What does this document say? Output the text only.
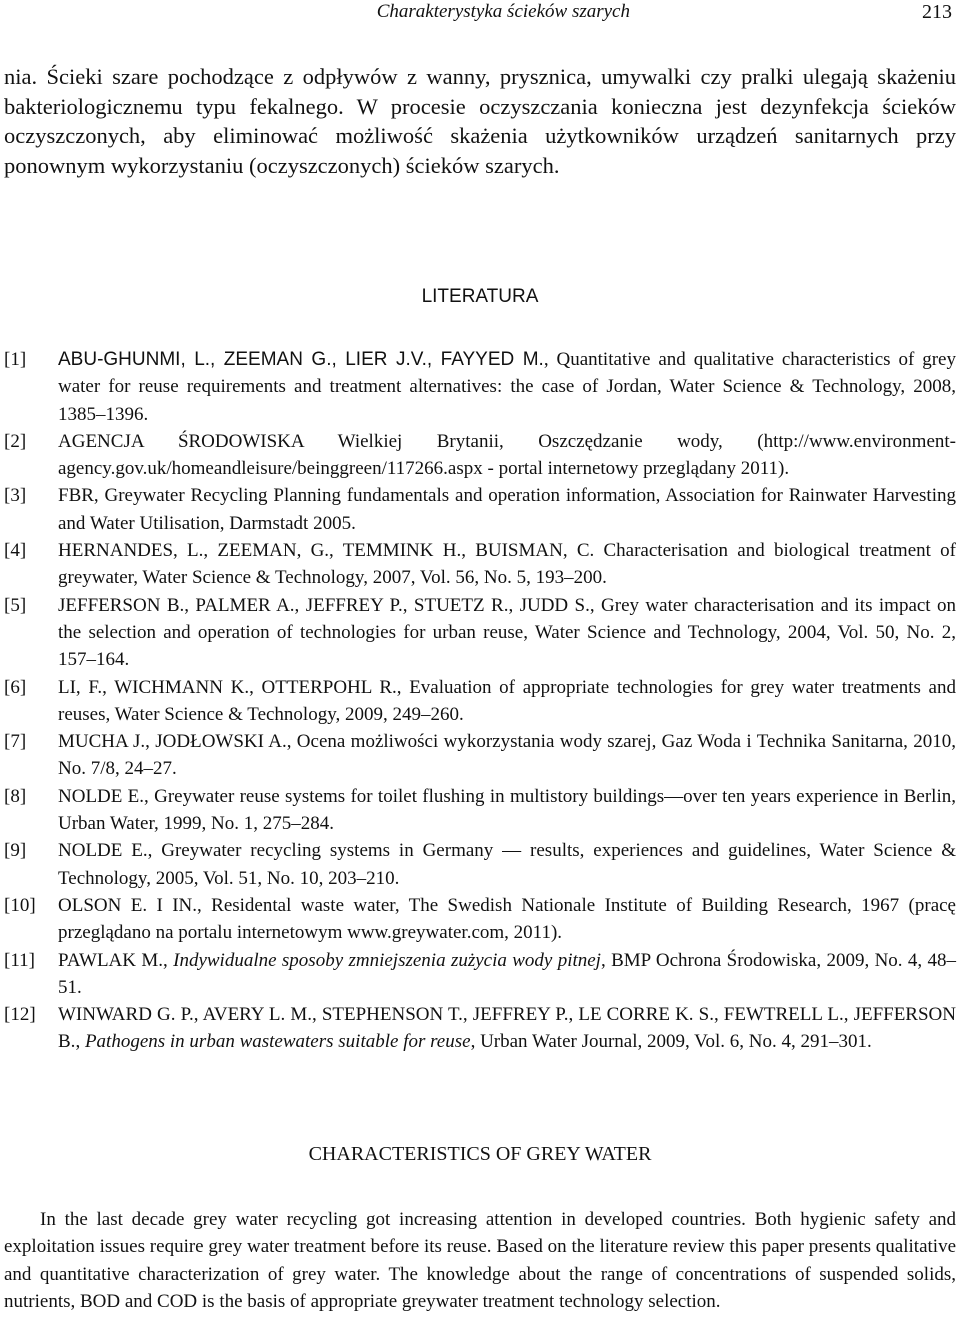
Charakterystyka ścieków szarych	213

nia. Ścieki szare pochodzące z odpływów z wanny, prysznica, umywalki czy pralki ulegają skażeniu bakteriologicznemu typu fekalnego. W procesie oczyszczania konieczna jest dezynfekcja ścieków oczyszczonych, aby eliminować możliwość skażenia użytkowników urządzeń sanitarnych przy ponownym wykorzystaniu (oczyszczonych) ścieków szarych.

LITERATURA
[1]	ABU-GHUNMI, L., ZEEMAN G., LIER J.V., FAYYED M., Quantitative and qualitative characteristics of grey water for reuse requirements and treatment alternatives: the case of Jordan, Water Science & Technology, 2008, 1385–1396.
[2]	AGENCJA ŚRODOWISKA Wielkiej Brytanii, Oszczędzanie wody, (http://www.environment-agency.gov.uk/homeandleisure/beinggreen/117266.aspx - portal internetowy przeglądany 2011).
[3]	FBR, Greywater Recycling Planning fundamentals and operation information, Association for Rainwater Harvesting and Water Utilisation, Darmstadt 2005.
[4]	HERNANDES, L., ZEEMAN, G., TEMMINK H., BUISMAN, C. Characterisation and biological treatment of greywater, Water Science & Technology, 2007, Vol. 56, No. 5, 193–200.
[5]	JEFFERSON B., PALMER A., JEFFREY P., STUETZ R., JUDD S., Grey water characterisation and its impact on the selection and operation of technologies for urban reuse, Water Science and Technology, 2004, Vol. 50, No. 2, 157–164.
[6]	LI, F., WICHMANN K., OTTERPOHL R., Evaluation of appropriate technologies for grey water treatments and reuses, Water Science & Technology, 2009, 249–260.
[7]	MUCHA J., JODŁOWSKI A., Ocena możliwości wykorzystania wody szarej, Gaz Woda i Technika Sanitarna, 2010, No. 7/8, 24–27.
[8]	NOLDE E., Greywater reuse systems for toilet flushing in multistory buildings—over ten years experience in Berlin, Urban Water, 1999, No. 1, 275–284.
[9]	NOLDE E., Greywater recycling systems in Germany — results, experiences and guidelines, Water Science & Technology, 2005, Vol. 51, No. 10, 203–210.
[10]	OLSON E. I IN., Residental waste water, The Swedish Nationale Institute of Building Research, 1967 (pracę przeglądano na portalu internetowym www.greywater.com, 2011).
[11]	PAWLAK M., Indywidualne sposoby zmniejszenia zużycia wody pitnej, BMP Ochrona Środowiska, 2009, No. 4, 48–51.
[12]	WINWARD G. P., AVERY L. M., STEPHENSON T., JEFFREY P., LE CORRE K. S., FEWTRELL L., JEFFERSON B., Pathogens in urban wastewaters suitable for reuse, Urban Water Journal, 2009, Vol. 6, No. 4, 291–301.
CHARACTERISTICS OF GREY WATER

In the last decade grey water recycling got increasing attention in developed countries. Both hygienic safety and exploitation issues require grey water treatment before its reuse. Based on the literature review this paper presents qualitative and quantitative characterization of grey water. The knowledge about the range of concentrations of suspended solids, nutrients, BOD and COD is the basis of appropriate greywater treatment technology selection.
